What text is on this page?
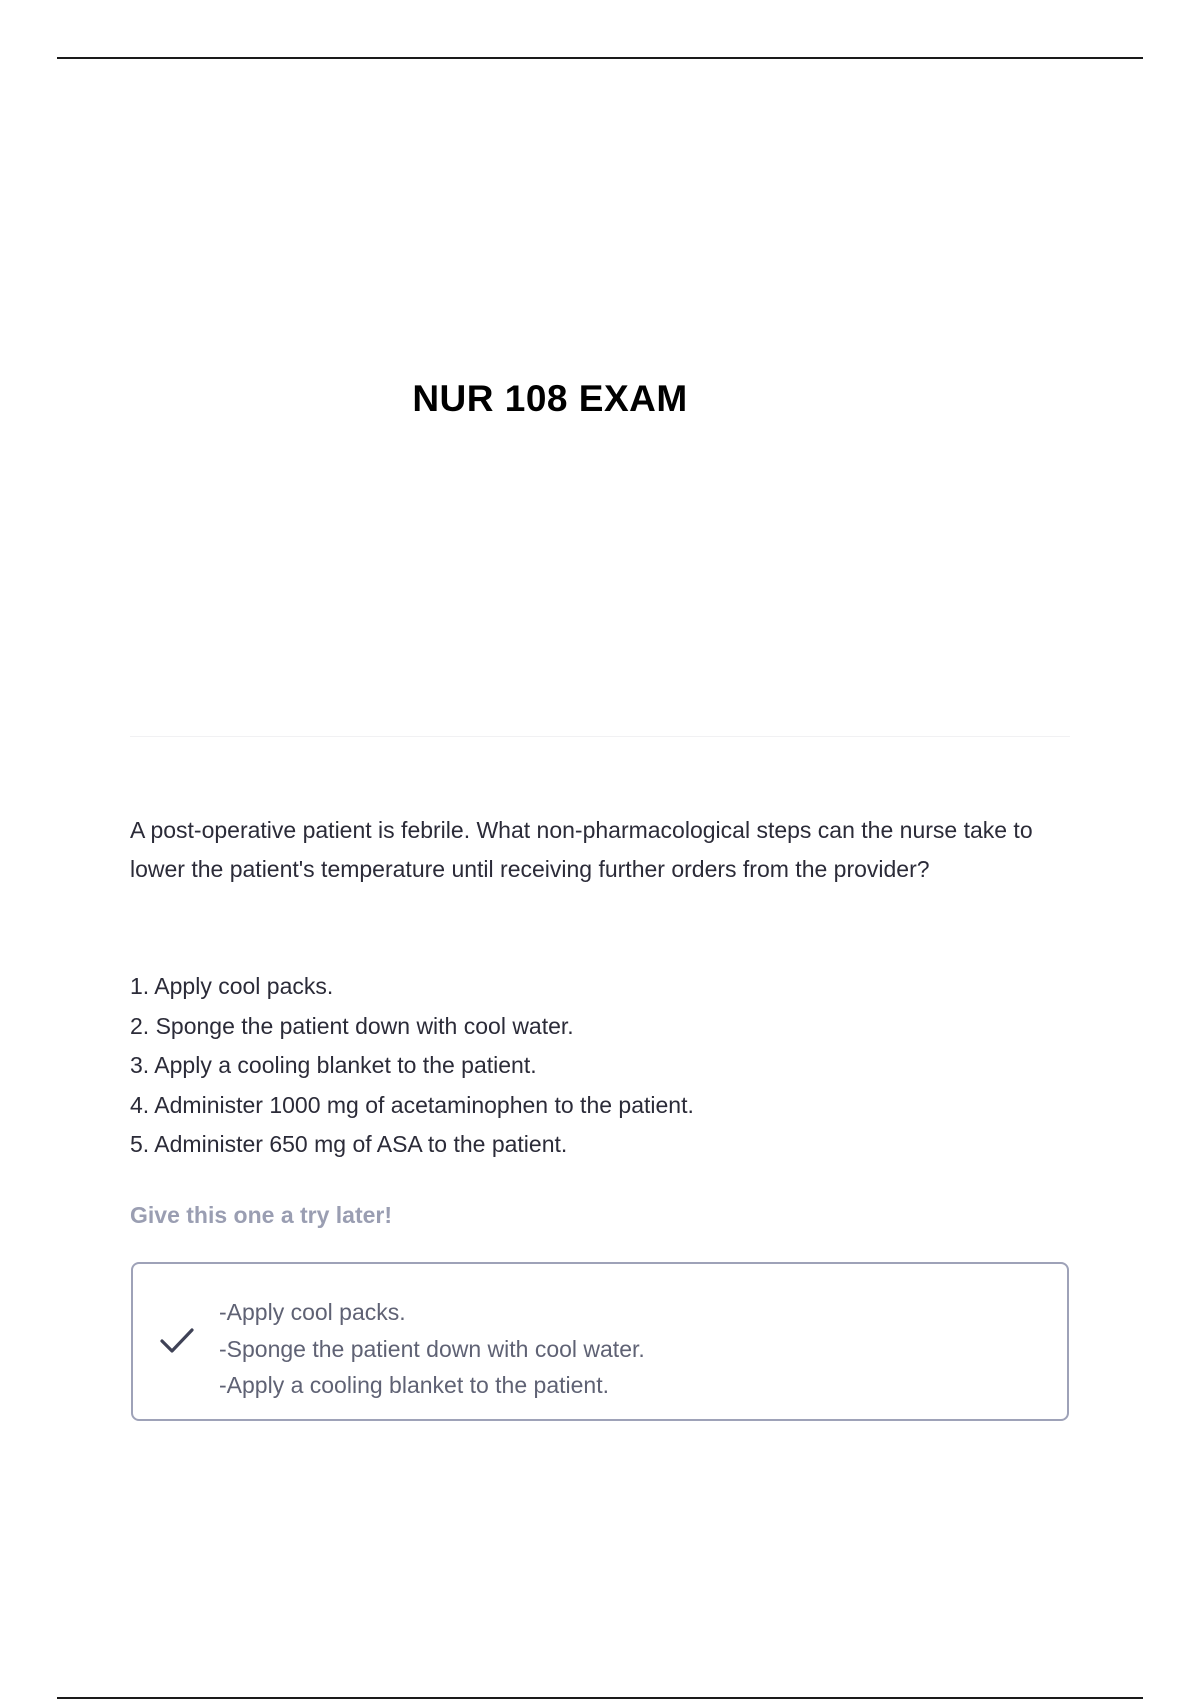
NUR 108 EXAM

A post-operative patient is febrile. What non-pharmacological steps can the nurse take to lower the patient's temperature until receiving further orders from the provider?

1. Apply cool packs.
2. Sponge the patient down with cool water.
3. Apply a cooling blanket to the patient.
4. Administer 1000 mg of acetaminophen to the patient.
5. Administer 650 mg of ASA to the patient.

Give this one a try later!

-Apply cool packs.
-Sponge the patient down with cool water.
-Apply a cooling blanket to the patient.
